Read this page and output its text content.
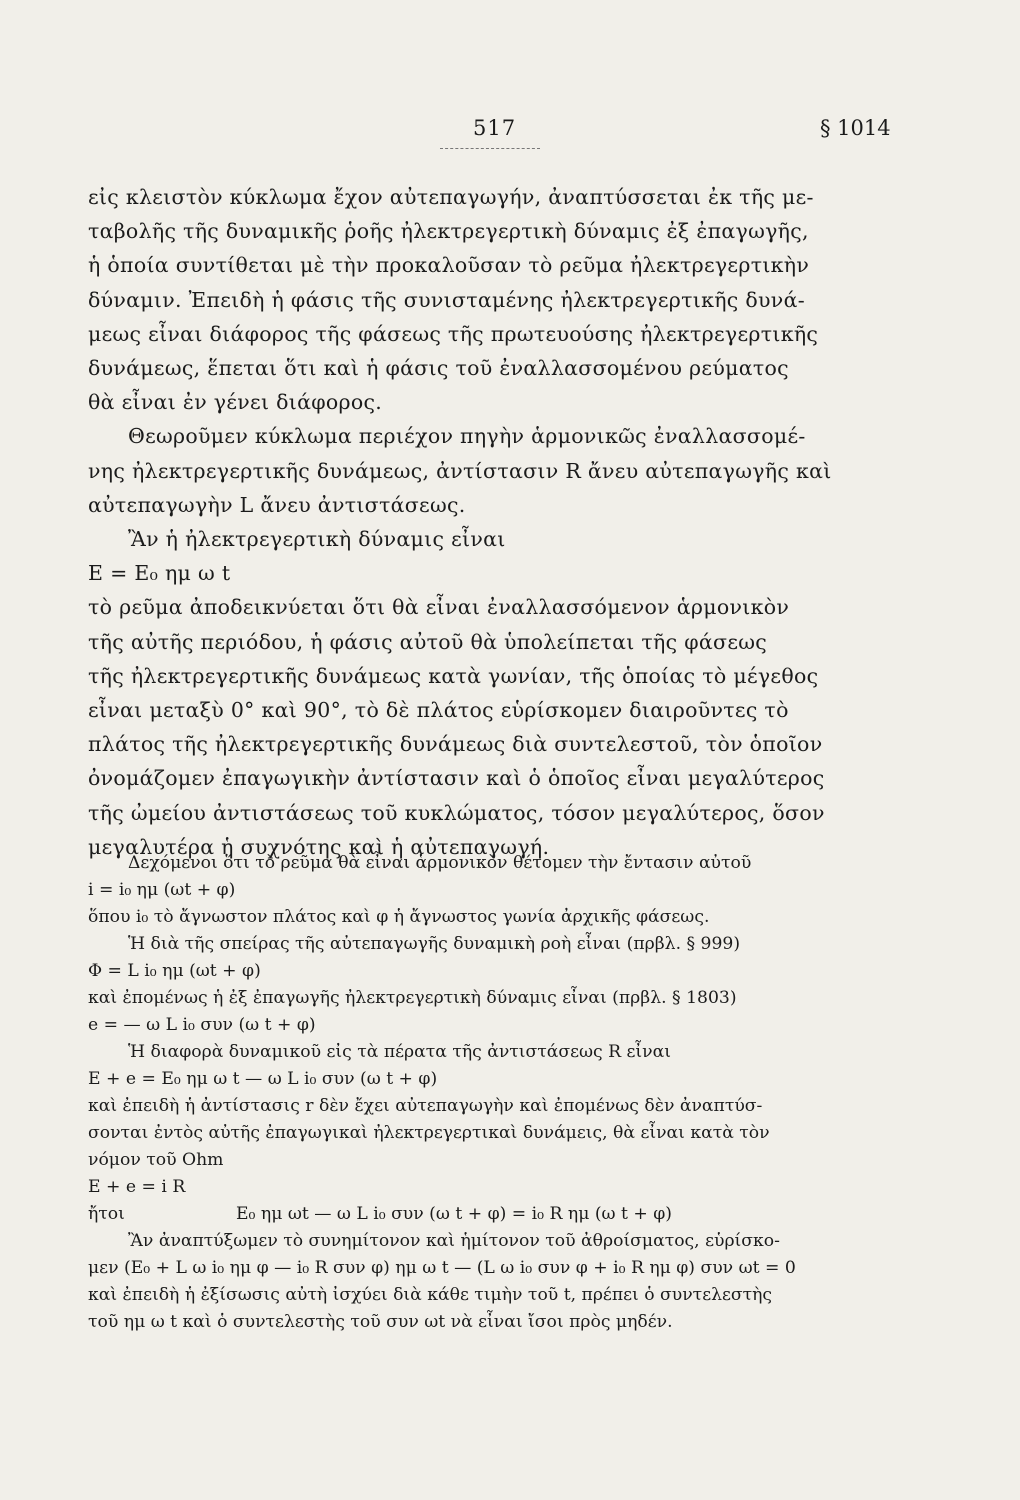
517	§ 1014

εἰς κλειστὸν κύκλωμα ἔχον αὐτεπαγωγήν, ἀναπτύσσεται ἐκ τῆς με-
ταβολῆς τῆς δυναμικῆς ῥοῆς ἠλεκτρεγερτικὴ δύναμις ἐξ ἐπαγωγῆς,
ἡ ὁποία συντίθεται μὲ τὴν προκαλοῦσαν τὸ ρεῦμα ἠλεκτρεγερτικὴν
δύναμιν. Ἐπειδὴ ἡ φάσις τῆς συνισταμένης ἠλεκτρεγερτικῆς δυνά-
μεως εἶναι διάφορος τῆς φάσεως τῆς πρωτευούσης ἠλεκτρεγερτικῆς
δυνάμεως, ἕπεται ὅτι καὶ ἡ φάσις τοῦ ἐναλλασσομένου ρεύματος
θὰ εἶναι ἐν γένει διάφορος.

Θεωροῦμεν κύκλωμα περιέχον πηγὴν ἁρμονικῶς ἐναλλασσομέ-
νης ἠλεκτρεγερτικῆς δυνάμεως, ἀντίστασιν R ἄνευ αὐτεπαγωγῆς καὶ
αὐτεπαγωγὴν L ἄνευ ἀντιστάσεως.

Ἂν ἡ ἠλεκτρεγερτικὴ δύναμις εἶναι

E = E₀ ημ ω t

τὸ ρεῦμα ἀποδεικνύεται ὅτι θὰ εἶναι ἐναλλασσόμενον ἁρμονικὸν
τῆς αὐτῆς περιόδου, ἡ φάσις αὐτοῦ θὰ ὑπολείπεται τῆς φάσεως
τῆς ἠλεκτρεγερτικῆς δυνάμεως κατὰ γωνίαν, τῆς ὁποίας τὸ μέγεθος
εἶναι μεταξὺ 0° καὶ 90°, τὸ δὲ πλάτος εὑρίσκομεν διαιροῦντες τὸ
πλάτος τῆς ἠλεκτρεγερτικῆς δυνάμεως διὰ συντελεστοῦ, τὸν ὁποῖον
ὀνομάζομεν ἐπαγωγικὴν ἀντίστασιν καὶ ὁ ὁποῖος εἶναι μεγαλύτερος
τῆς ὠμείου ἀντιστάσεως τοῦ κυκλώματος, τόσον μεγαλύτερος, ὅσον
μεγαλυτέρα ἡ συχνότης καὶ ἡ αὐτεπαγωγή.

Δεχόμενοι ὅτι τὸ ρεῦμα θὰ εἶναι ἁρμονικὸν θέτομεν τὴν ἔντασιν αὐτοῦ

i = i₀ ημ (ωt + φ)

ὅπου i₀ τὸ ἄγνωστον πλάτος καὶ φ ἡ ἄγνωστος γωνία ἀρχικῆς φάσεως.

Ἡ διὰ τῆς σπείρας τῆς αὐτεπαγωγῆς δυναμικὴ ροὴ εἶναι (πρβλ. § 999)

Φ = L i₀ ημ (ωt + φ)

καὶ ἐπομένως ἡ ἐξ ἐπαγωγῆς ἠλεκτρεγερτικὴ δύναμις εἶναι (πρβλ. § 1803)

e = — ω L i₀ συν (ω t + φ)

Ἡ διαφορὰ δυναμικοῦ εἰς τὰ πέρατα τῆς ἀντιστάσεως R εἶναι

E + e = E₀ ημ ω t — ω L i₀ συν (ω t + φ)

καὶ ἐπειδὴ ἡ ἀντίστασις r δὲν ἔχει αὐτεπαγωγὴν καὶ ἐπομένως δὲν ἀναπτύσ-
σονται ἐντὸς αὐτῆς ἐπαγωγικαὶ ἠλεκτρεγερτικαὶ δυνάμεις, θὰ εἶναι κατὰ τὸν
νόμον τοῦ Ohm

E + e = i R

ἤτοι	E₀ ημ ωt — ω L i₀ συν (ω t + φ) = i₀ R ημ (ω t + φ)

Ἂν ἀναπτύξωμεν τὸ συνημίτονον καὶ ἡμίτονον τοῦ ἀθροίσματος, εὑρίσκο-
μεν (E₀ + L ω i₀ ημ φ — i₀ R συν φ) ημ ω t — (L ω i₀ συν φ + i₀ R ημ φ) συν ωt = 0
καὶ ἐπειδὴ ἡ ἐξίσωσις αὐτὴ ἰσχύει διὰ κάθε τιμὴν τοῦ t, πρέπει ὁ συντελεστὴς
τοῦ ημ ω t καὶ ὁ συντελεστὴς τοῦ συν ωt νὰ εἶναι ἴσοι πρὸς μηδέν.
